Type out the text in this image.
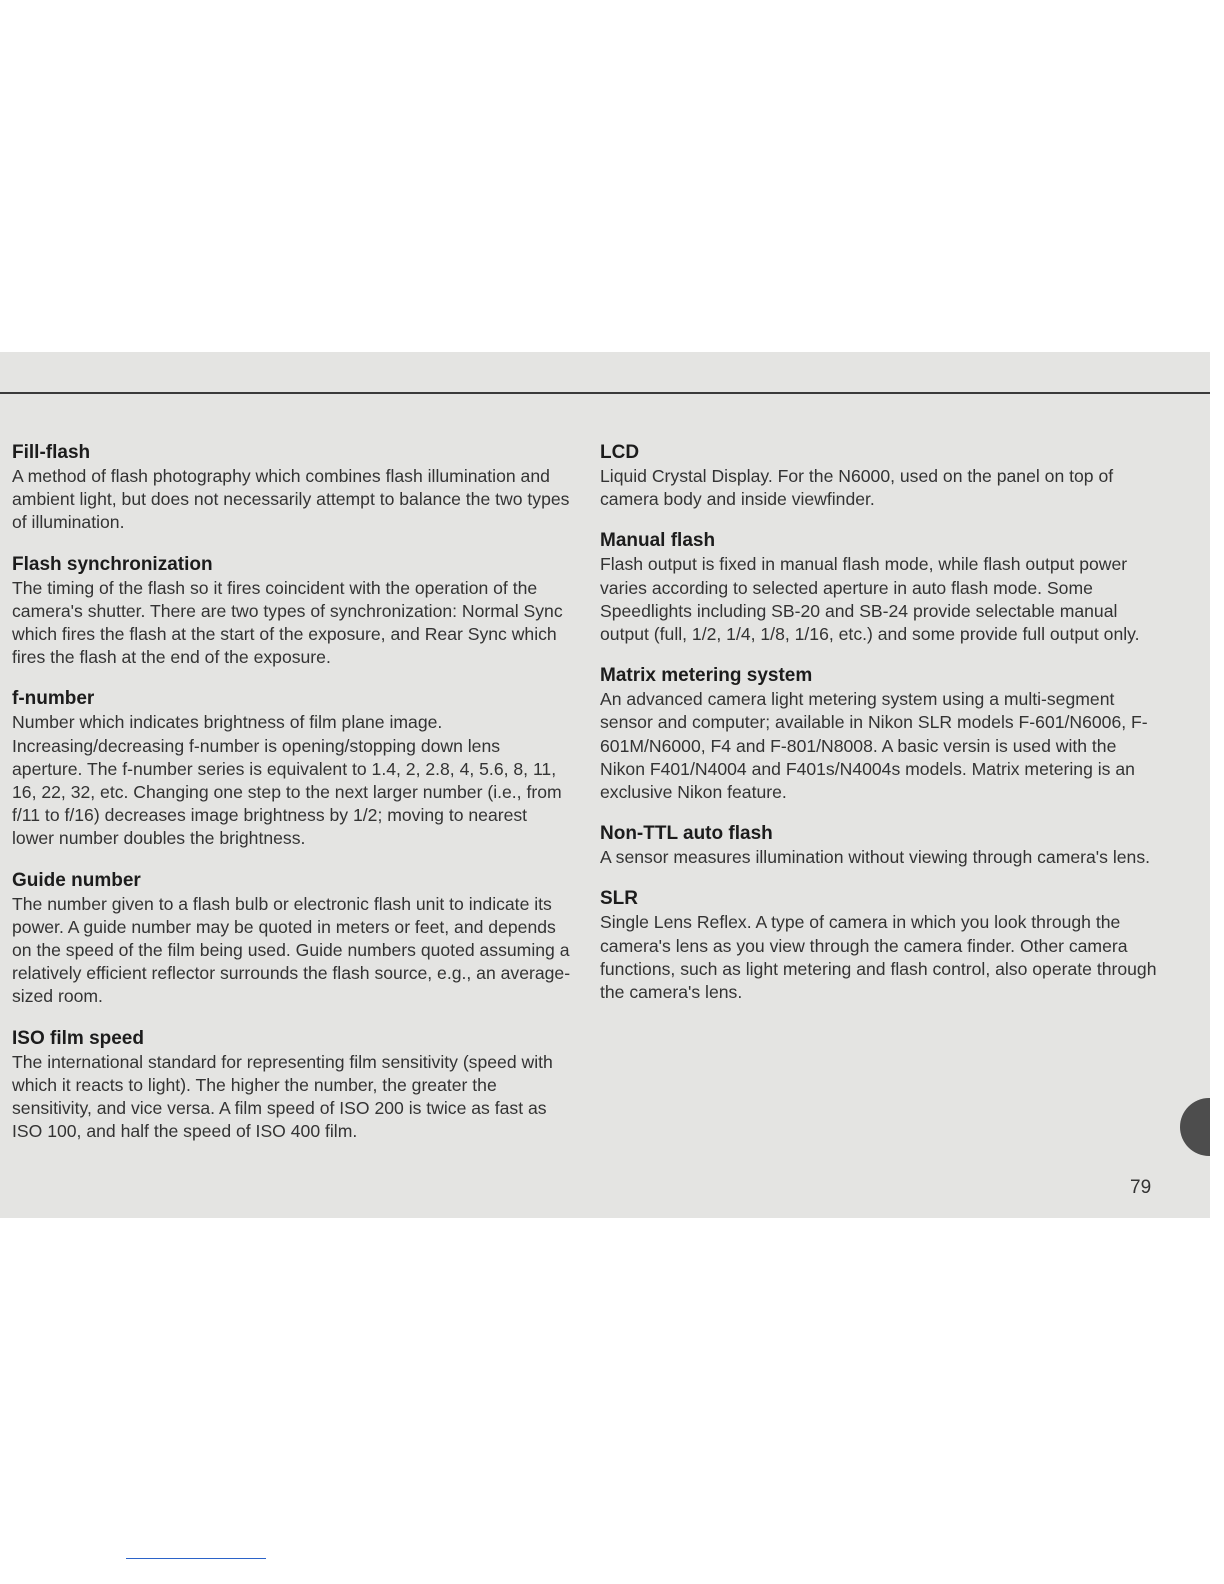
Fill-flash

A method of flash photography which combines flash illumination and ambient light, but does not necessarily attempt to balance the two types of illumination.

Flash synchronization

The timing of the flash so it fires coincident with the operation of the camera's shutter. There are two types of synchronization: Normal Sync which fires the flash at the start of the exposure, and Rear Sync which fires the flash at the end of the exposure.

f-number

Number which indicates brightness of film plane image. Increasing/decreasing f-number is opening/stopping down lens aperture. The f-number series is equivalent to 1.4, 2, 2.8, 4, 5.6, 8, 11, 16, 22, 32, etc. Changing one step to the next larger number (i.e., from f/11 to f/16) decreases image brightness by 1/2; moving to nearest lower number doubles the brightness.

Guide number

The number given to a flash bulb or electronic flash unit to indicate its power. A guide number may be quoted in meters or feet, and depends on the speed of the film being used. Guide numbers quoted assuming a relatively efficient reflector surrounds the flash source, e.g., an average-sized room.

ISO film speed

The international standard for representing film sensitivity (speed with which it reacts to light). The higher the number, the greater the sensitivity, and vice versa. A film speed of ISO 200 is twice as fast as ISO 100, and half the speed of ISO 400 film.

LCD

Liquid Crystal Display. For the N6000, used on the panel on top of camera body and inside viewfinder.

Manual flash

Flash output is fixed in manual flash mode, while flash output power varies according to selected aperture in auto flash mode. Some Speedlights including SB-20 and SB-24 provide selectable manual output (full, 1/2, 1/4, 1/8, 1/16, etc.) and some provide full output only.

Matrix metering system

An advanced camera light metering system using a multi-segment sensor and computer; available in Nikon SLR models F-601/N6006, F-601M/N6000, F4 and F-801/N8008. A basic versin is used with the Nikon F401/N4004 and F401s/N4004s models. Matrix metering is an exclusive Nikon feature.

Non-TTL auto flash

A sensor measures illumination without viewing through camera's lens.

SLR

Single Lens Reflex. A type of camera in which you look through the camera's lens as you view through the camera finder. Other camera functions, such as light metering and flash control, also operate through the camera's lens.

79
